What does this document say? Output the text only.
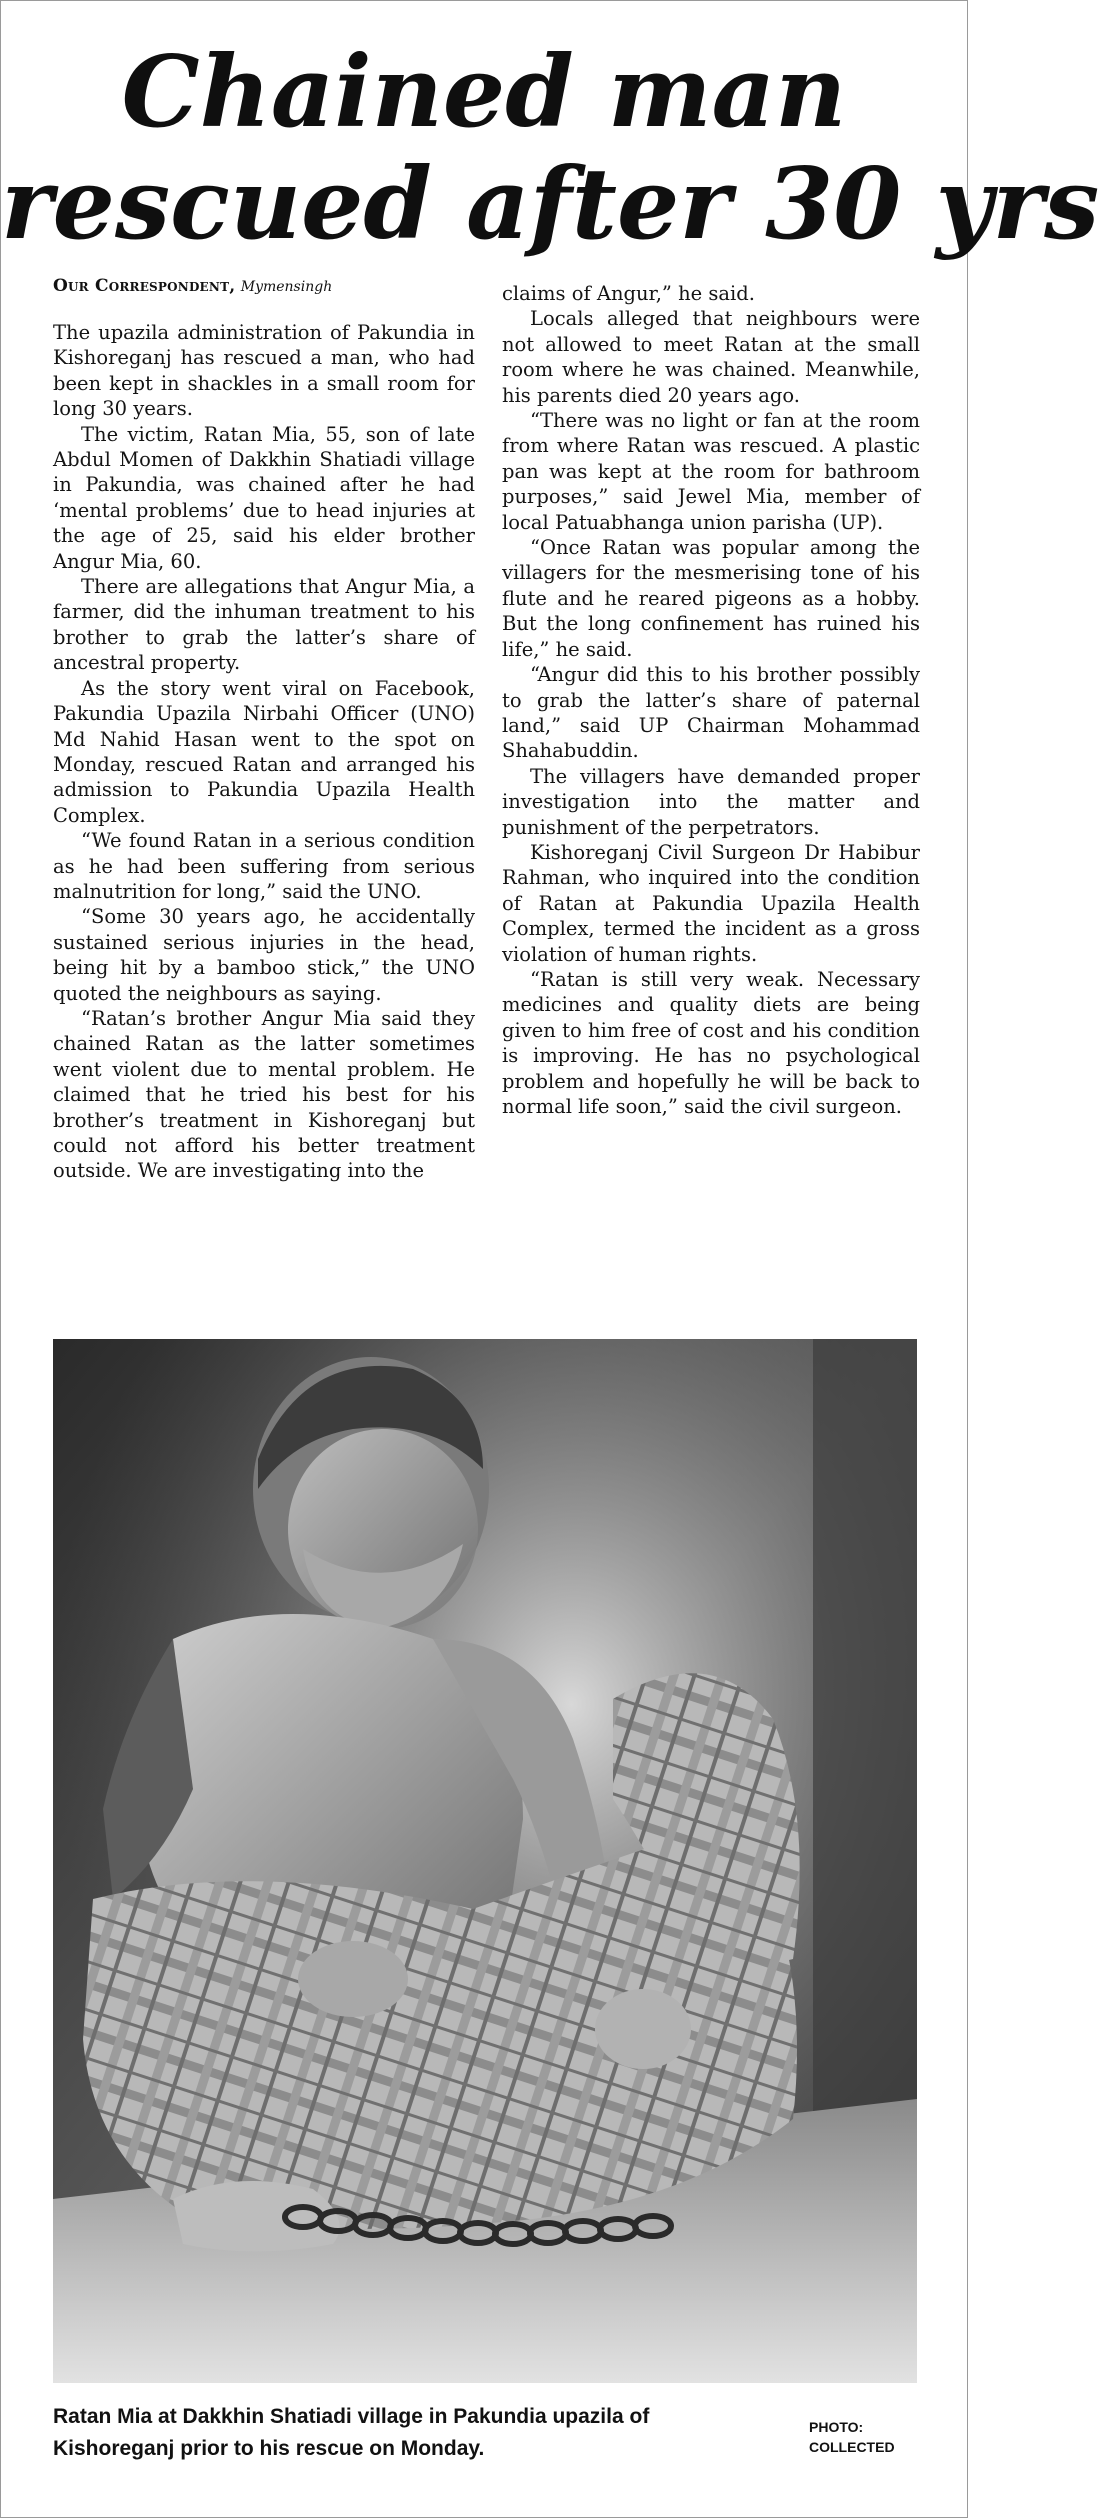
Chained man
rescued after 30 yrs
Our Correspondent, Mymensingh

The upazila administration of Pakundia in Kishoreganj has rescued a man, who had been kept in shackles in a small room for long 30 years.

The victim, Ratan Mia, 55, son of late Abdul Momen of Dakkhin Shatiadi village in Pakundia, was chained after he had ‘mental problems’ due to head injuries at the age of 25, said his elder brother Angur Mia, 60.

There are allegations that Angur Mia, a farmer, did the inhuman treatment to his brother to grab the latter’s share of ancestral property.

As the story went viral on Facebook, Pakundia Upazila Nirbahi Officer (UNO) Md Nahid Hasan went to the spot on Monday, rescued Ratan and arranged his admission to Pakundia Upazila Health Complex.

“We found Ratan in a serious condition as he had been suffering from serious malnutrition for long,” said the UNO.

“Some 30 years ago, he accidentally sustained serious injuries in the head, being hit by a bamboo stick,” the UNO quoted the neighbours as saying.

“Ratan’s brother Angur Mia said they chained Ratan as the latter sometimes went violent due to mental problem. He claimed that he tried his best for his brother’s treatment in Kishoreganj but could not afford his better treatment outside. We are investigating into the

claims of Angur,” he said.

Locals alleged that neighbours were not allowed to meet Ratan at the small room where he was chained. Meanwhile, his parents died 20 years ago.

“There was no light or fan at the room from where Ratan was rescued. A plastic pan was kept at the room for bathroom purposes,” said Jewel Mia, member of local Patuabhanga union parisha (UP).

“Once Ratan was popular among the villagers for the mesmerising tone of his flute and he reared pigeons as a hobby. But the long confinement has ruined his life,” he said.

“Angur did this to his brother possibly to grab the latter’s share of paternal land,” said UP Chairman Mohammad Shahabuddin.

The villagers have demanded proper investigation into the matter and punishment of the perpetrators.

Kishoreganj Civil Surgeon Dr Habibur Rahman, who inquired into the condition of Ratan at Pakundia Upazila Health Complex, termed the incident as a gross violation of human rights.

“Ratan is still very weak. Necessary medicines and quality diets are being given to him free of cost and his condition is improving. He has no psychological problem and hopefully he will be back to normal life soon,” said the civil surgeon.

Ratan Mia at Dakkhin Shatiadi village in Pakundia upazila of Kishoreganj prior to his rescue on Monday.
PHOTO:
COLLECTED
